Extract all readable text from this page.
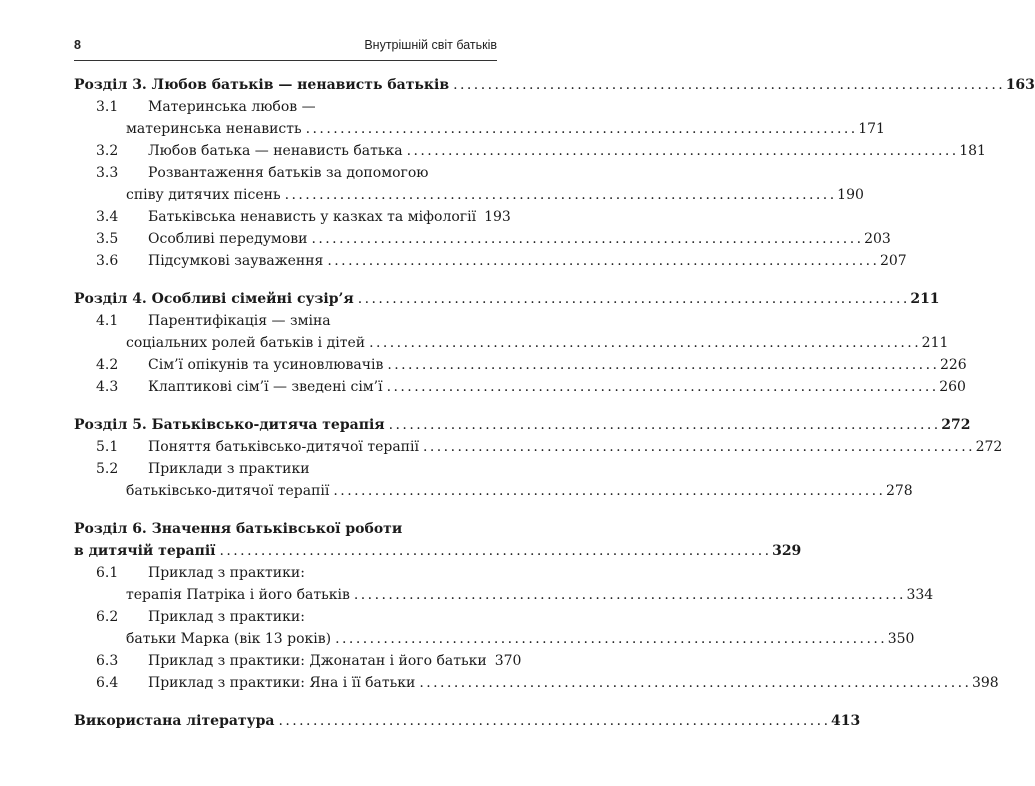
8	Внутрішній світ батьків
Розділ 3. Любов батьків — ненависть батьків . . .	163
3.1	Материнська любов —
материнська ненависть . . .	171
3.2	Любов батька — ненависть батька . . .	181
3.3	Розвантаження батьків за допомогою
співу дитячих пісень . . .	190
3.4	Батьківська ненависть у казках та міфології 193
3.5	Особливі передумови . . .	203
3.6	Підсумкові зауваження . . .	207
Розділ 4. Особливі сімейні сузір’я . . .	211
4.1	Парентифікація — зміна
соціальних ролей батьків і дітей . . .	211
4.2	Сім’ї опікунів та усиновлювачів . . .	226
4.3	Клаптикові сім’ї — зведені сім’ї . . .	260
Розділ 5. Батьківсько-дитяча терапія . . .	272
5.1	Поняття батьківсько-дитячої терапії . . .	272
5.2	Приклади з практики
батьківсько-дитячої терапії . . .	278
Розділ 6. Значення батьківської роботи
в дитячій терапії . . .	329
6.1	Приклад з практики:
терапія Патріка і його батьків . . .	334
6.2	Приклад з практики:
батьки Марка (вік 13 років) . . .	350
6.3	Приклад з практики: Джонатан і його батьки 370
6.4	Приклад з практики: Яна і її батьки . . .	398
Використана література . . .	413
